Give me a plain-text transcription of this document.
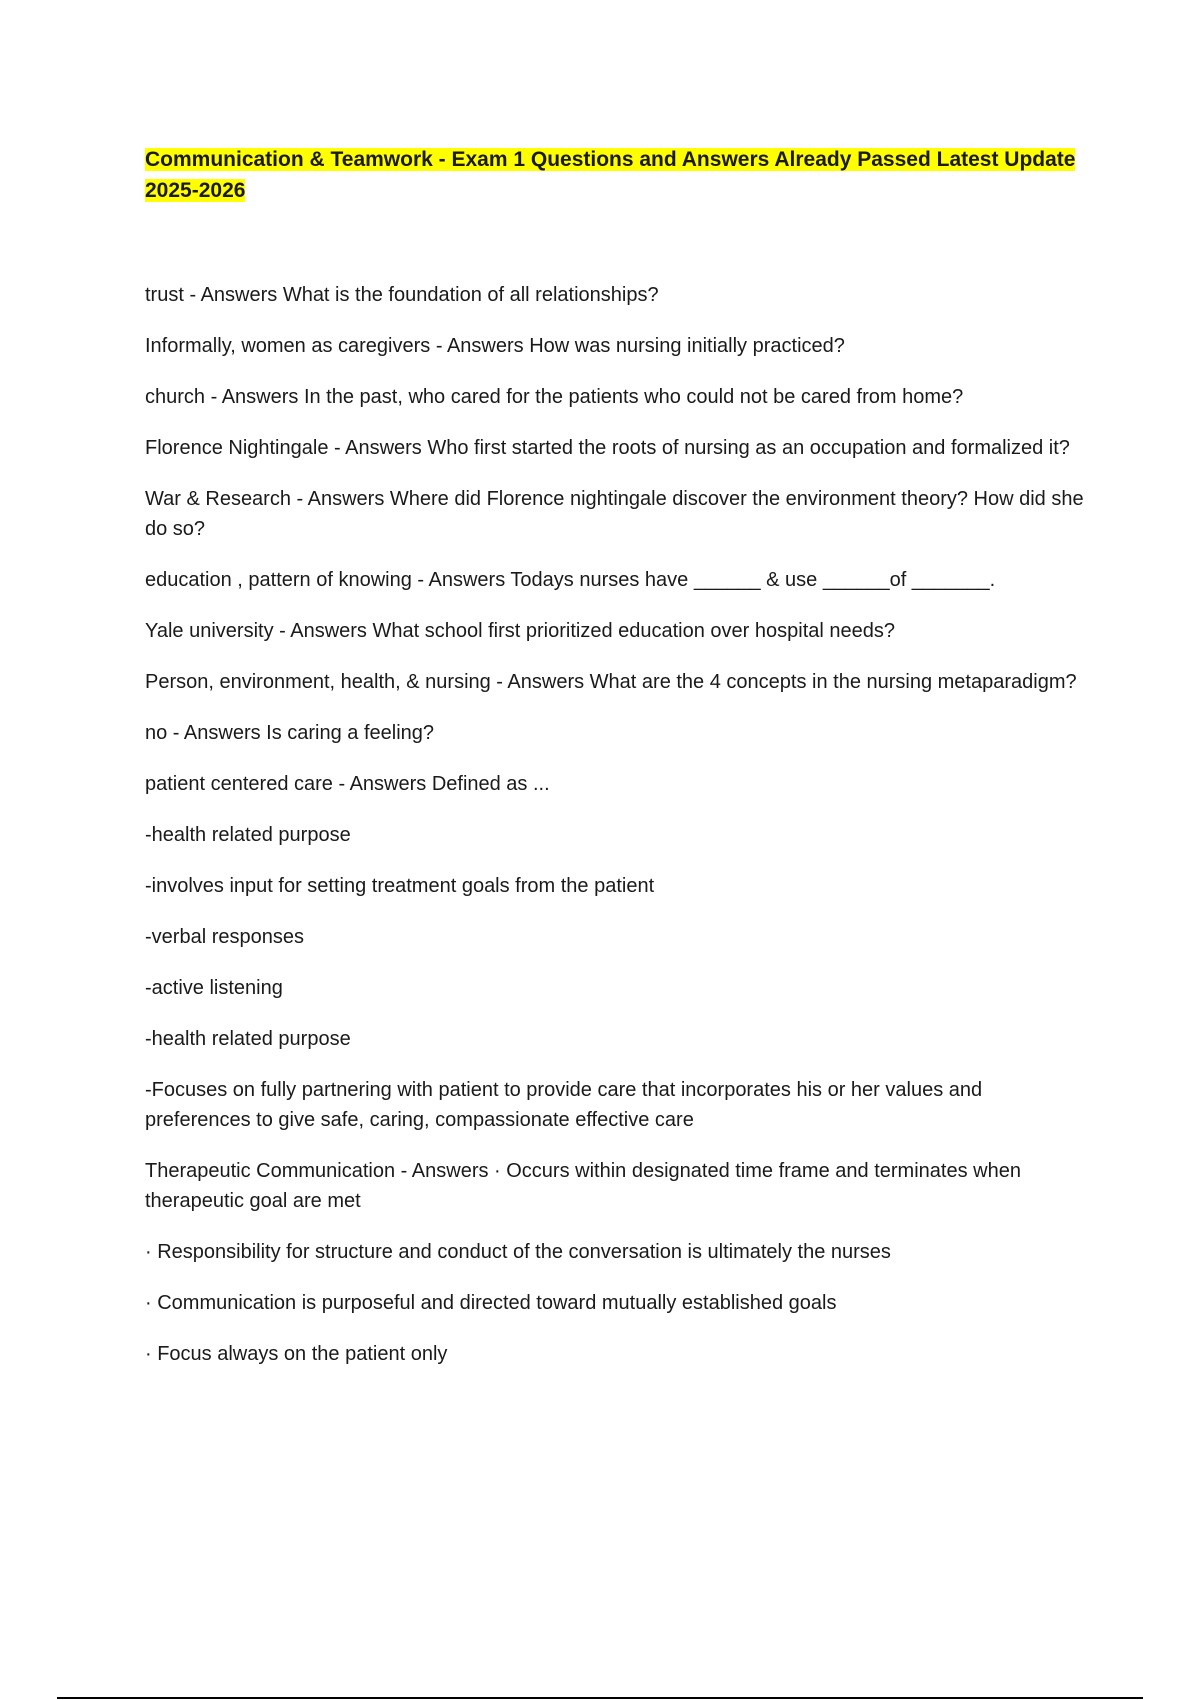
Communication & Teamwork - Exam 1 Questions and Answers Already Passed Latest Update 2025-2026

trust - Answers What is the foundation of all relationships?

Informally, women as caregivers - Answers How was nursing initially practiced?

church - Answers In the past, who cared for the patients who could not be cared from home?

Florence Nightingale - Answers Who first started the roots of nursing as an occupation and formalized it?

War & Research - Answers Where did Florence nightingale discover the environment theory? How did she do so?

education , pattern of knowing - Answers Todays nurses have ______ & use ______of _______.

Yale university - Answers What school first prioritized education over hospital needs?

Person, environment, health, & nursing - Answers What are the 4 concepts in the nursing metaparadigm?

no - Answers Is caring a feeling?

patient centered care - Answers Defined as ...

-health related purpose

-involves input for setting treatment goals from the patient

-verbal responses

-active listening

-health related purpose

-Focuses on fully partnering with patient to provide care that incorporates his or her values and preferences to give safe, caring, compassionate effective care

Therapeutic Communication - Answers · Occurs within designated time frame and terminates when therapeutic goal are met

· Responsibility for structure and conduct of the conversation is ultimately the nurses

· Communication is purposeful and directed toward mutually established goals

· Focus always on the patient only
